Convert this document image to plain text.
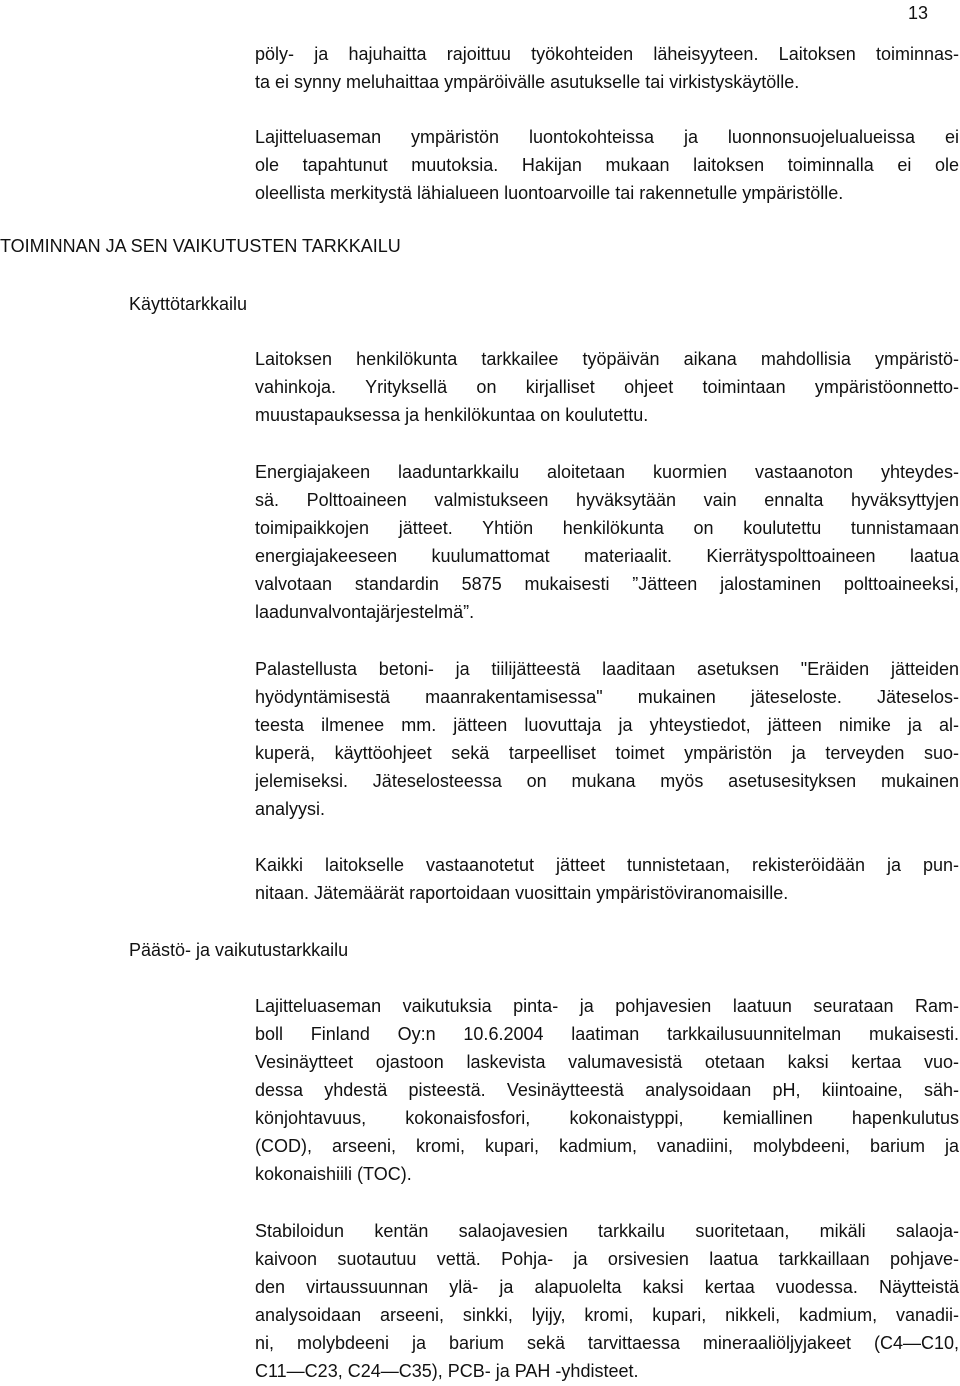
13
pöly- ja hajuhaitta rajoittuu työkohteiden läheisyyteen. Laitoksen toiminnas-
ta ei synny meluhaittaa ympäröivälle asutukselle tai virkistyskäytölle.
Lajitteluaseman ympäristön luontokohteissa ja luonnonsuojelualueissa ei
ole tapahtunut muutoksia. Hakijan mukaan laitoksen toiminnalla ei ole
oleellista merkitystä lähialueen luontoarvoille tai rakennetulle ympäristölle.
TOIMINNAN JA SEN VAIKUTUSTEN TARKKAILU
Käyttötarkkailu
Laitoksen henkilökunta tarkkailee työpäivän aikana mahdollisia ympäristö-
vahinkoja. Yrityksellä on kirjalliset ohjeet toimintaan ympäristöonnetto-
muustapauksessa ja henkilökuntaa on koulutettu.
Energiajakeen laaduntarkkailu aloitetaan kuormien vastaanoton yhteydes-
sä. Polttoaineen valmistukseen hyväksytään vain ennalta hyväksyttyjen
toimipaikkojen jätteet. Yhtiön henkilökunta on koulutettu tunnistamaan
energiajakeeseen kuulumattomat materiaalit. Kierrätyspolttoaineen laatua
valvotaan standardin 5875 mukaisesti ”Jätteen jalostaminen polttoaineeksi,
laadunvalvontajärjestelmä”.
Palastellusta betoni- ja tiilijätteestä laaditaan asetuksen "Eräiden jätteiden
hyödyntämisestä maanrakentamisessa" mukainen jäteseloste. Jäteselos-
teesta ilmenee mm. jätteen luovuttaja ja yhteystiedot, jätteen nimike ja al-
kuperä, käyttöohjeet sekä tarpeelliset toimet ympäristön ja terveyden suo-
jelemiseksi. Jäteselosteessa on mukana myös asetusesityksen mukainen
analyysi.
Kaikki laitokselle vastaanotetut jätteet tunnistetaan, rekisteröidään ja pun-
nitaan. Jätemäärät raportoidaan vuosittain ympäristöviranomaisille.
Päästö- ja vaikutustarkkailu
Lajitteluaseman vaikutuksia pinta- ja pohjavesien laatuun seurataan Ram-
boll Finland Oy:n 10.6.2004 laatiman tarkkailusuunnitelman mukaisesti.
Vesinäytteet ojastoon laskevista valumavesistä otetaan kaksi kertaa vuo-
dessa yhdestä pisteestä. Vesinäytteestä analysoidaan pH, kiintoaine, säh-
könjohtavuus, kokonaisfosfori, kokonaistyppi, kemiallinen hapenkulutus
(COD), arseeni, kromi, kupari, kadmium, vanadiini, molybdeeni, barium ja
kokonaishiili (TOC).
Stabiloidun kentän salaojavesien tarkkailu suoritetaan, mikäli salaoja-
kaivoon suotautuu vettä. Pohja- ja orsivesien laatua tarkkaillaan pohjave-
den virtaussuunnan ylä- ja alapuolelta kaksi kertaa vuodessa. Näytteistä
analysoidaan arseeni, sinkki, lyijy, kromi, kupari, nikkeli, kadmium, vanadii-
ni, molybdeeni ja barium sekä tarvittaessa mineraaliöljyjakeet (C4—C10,
C11—C23, C24—C35), PCB- ja PAH -yhdisteet.
